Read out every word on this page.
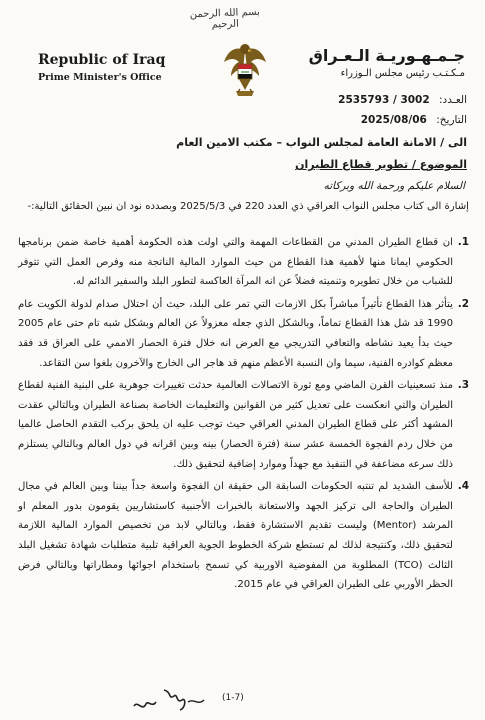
بسم الله الرحمن الرحيم
Republic of Iraq
Prime Minister's Office
جـمـهـوريـة الـعـراق
مـكـتـب رئيس مجلس الـوزراء
العـدد: 2535793 / 3002
التاريخ: 2025/08/06
الى / الامانة العامة لمجلس النواب – مكتب الامين العام
الموضوع / تطوير قطاع الطيران
السلام عليكم ورحمة الله وبركاته
إشارة الى كتاب مجلس النواب العراقي ذي العدد 220 في 2025/5/3 وبصدده نود ان نبين الحقائق التالية:-
1.
ان قطاع الطيران المدني من القطاعات المهمة والتي اولت هذه الحكومة أهمية خاصة ضمن برنامجها الحكومي ايمانا منها لأهمية هذا القطاع من حيث الموارد المالية الناتجة منه وفرص العمل التي تتوفر للشباب من خلال تطويره وتنميته فضلاً عن انه المرآة العاكسة لتطور البلد والسفير الدائم له.
2.
يتأثر هذا القطاع تأثيراً مباشراً بكل الازمات التي تمر على البلد، حيث أن احتلال صدام لدولة الكويت عام 1990 قد شل هذا القطاع تماماً، وبالشكل الذي جعله معزولاً عن العالم وبشكل شبه تام حتى عام 2005 حيث بدأ يعيد نشاطه والتعافي التدريجي مع العرض انه خلال فترة الحصار الاممي على العراق قد فقد معظم كوادره الفنية، سيما وان النسبة الأعظم منهم قد هاجر الى الخارج والآخرون بلغوا سن التقاعد.
3.
منذ تسعينيات القرن الماضي ومع ثورة الاتصالات العالمية حدثت تغييرات جوهرية على البنية الفنية لقطاع الطيران والتي انعكست على تعديل كثير من القوانين والتعليمات الخاصة بصناعة الطيران وبالتالي عقدت المشهد أكثر على قطاع الطيران المدني العراقي حيث توجب عليه ان يلحق بركب التقدم الحاصل عالميا من خلال ردم الفجوة الخمسة عشر سنة (فترة الحصار) بينه وبين اقرانه في دول العالم وبالتالي يستلزم ذلك سرعه مضاعفة في التنفيذ مع جهداً وموارد إضافية لتحقيق ذلك.
4.
للأسف الشديد لم تنتبه الحكومات السابقة الى حقيقة ان الفجوة واسعة جداً بيننا وبين العالم في مجال الطيران والحاجة الى تركيز الجهد والاستعانة بالخبرات الأجنبية كاستشاريين يقومون بدور المعلم او المرشد (Mentor) وليست تقديم الاستشارة فقط، وبالتالي لابد من تخصيص الموارد المالية اللازمة لتحقيق ذلك، وكنتيجة لذلك لم تستطع شركة الخطوط الجوية العراقية تلبية متطلبات شهادة تشغيل البلد الثالث (TCO) المطلوبة من المفوضية الاوربية كي تسمح باستخدام اجوائها ومطاراتها وبالتالي فرض الحظر الأوربي على الطيران العراقي في عام 2015.
(1-7)
